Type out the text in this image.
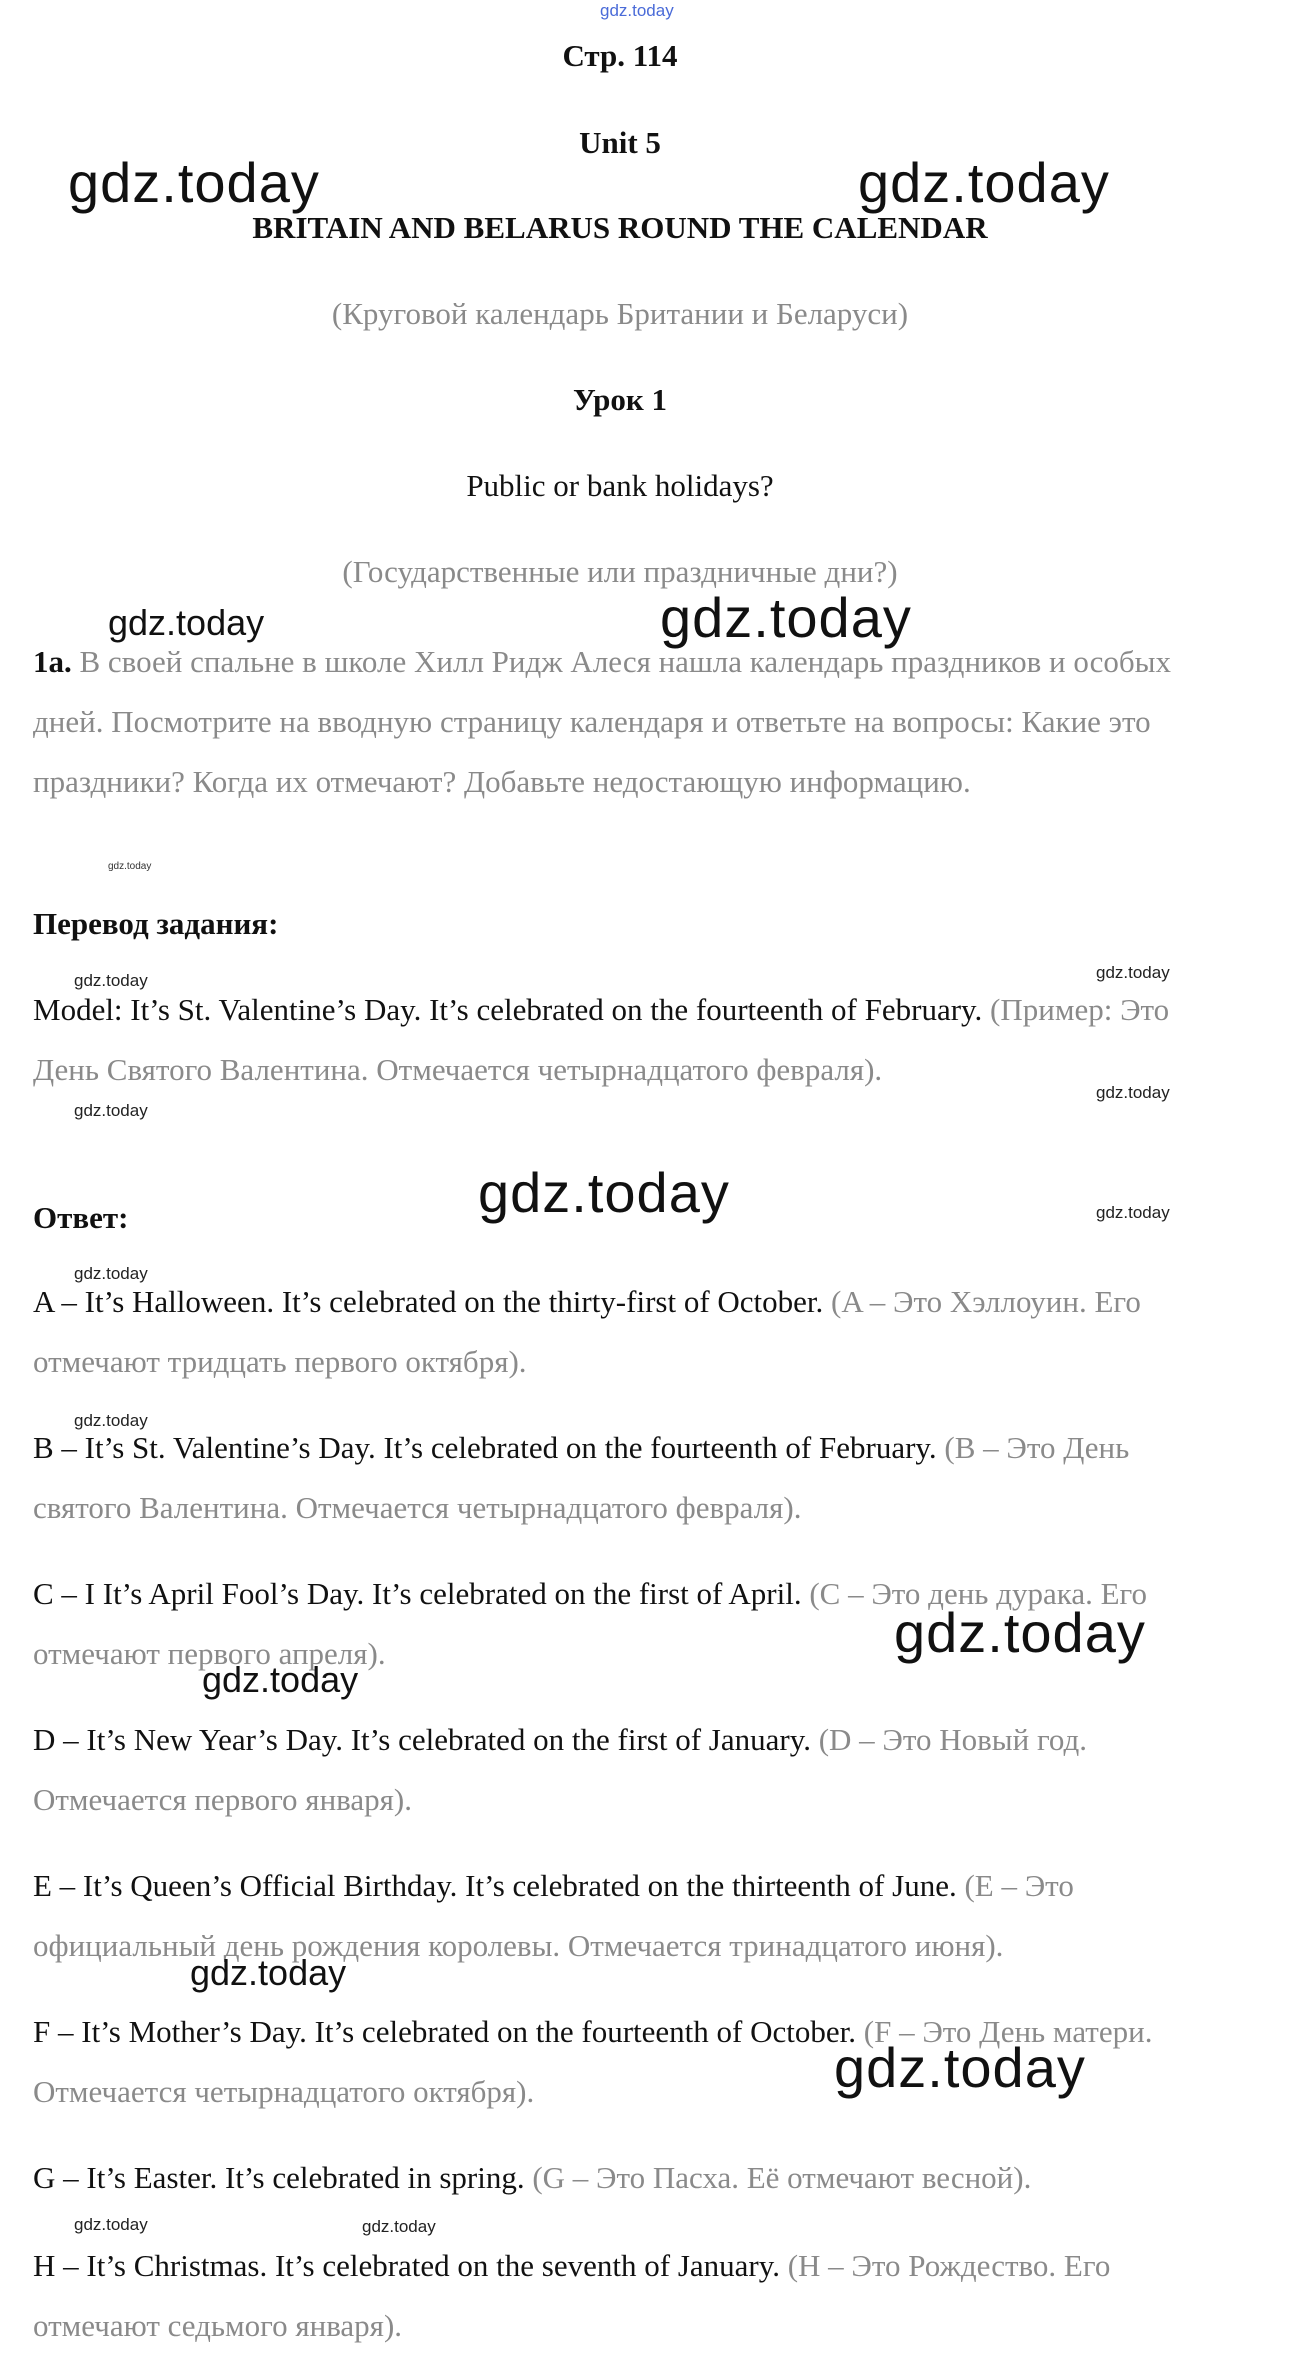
Стр. 114
Unit 5
BRITAIN AND BELARUS ROUND THE CALENDAR
(Круговой календарь Британии и Беларуси)
Урок 1
Public or bank holidays?
(Государственные или праздничные дни?)
1a. В своей спальне в школе Хилл Ридж Алеся нашла календарь праздников и особых дней. Посмотрите на вводную страницу календаря и ответьте на вопросы: Какие это праздники? Когда их отмечают? Добавьте недостающую информацию.
Перевод задания:
Model: It’s St. Valentine’s Day. It’s celebrated on the fourteenth of February. (Пример: Это День Святого Валентина. Отмечается четырнадцатого февраля).
Ответ:
A – It’s Halloween. It’s celebrated on the thirty-first of October. (A – Это Хэллоуин. Его отмечают тридцать первого октября).
B – It’s St. Valentine’s Day. It’s celebrated on the fourteenth of February. (B – Это День святого Валентина. Отмечается четырнадцатого февраля).
C – I It’s April Fool’s Day. It’s celebrated on the first of April. (C – Это день дурака. Его отмечают первого апреля).
D – It’s New Year’s Day. It’s celebrated on the first of January. (D – Это Новый год. Отмечается первого января).
E – It’s Queen’s Official Birthday. It’s celebrated on the thirteenth of June. (E – Это официальный день рождения королевы. Отмечается тринадцатого июня).
F – It’s Mother’s Day. It’s celebrated on the fourteenth of October. (F – Это День матери. Отмечается четырнадцатого октября).
G – It’s Easter. It’s celebrated in spring. (G – Это Пасха. Её отмечают весной).
H – It’s Christmas. It’s celebrated on the seventh of January. (H – Это Рождество. Его отмечают седьмого января).
gdz.today
gdz.today	gdz.today
gdz.today	gdz.today
gdz.today
gdz.today	gdz.today
gdz.today
gdz.today
gdz.today	gdz.today
gdz.today
gdz.today
gdz.today
gdz.today
gdz.today
gdz.today
gdz.today	gdz.today
